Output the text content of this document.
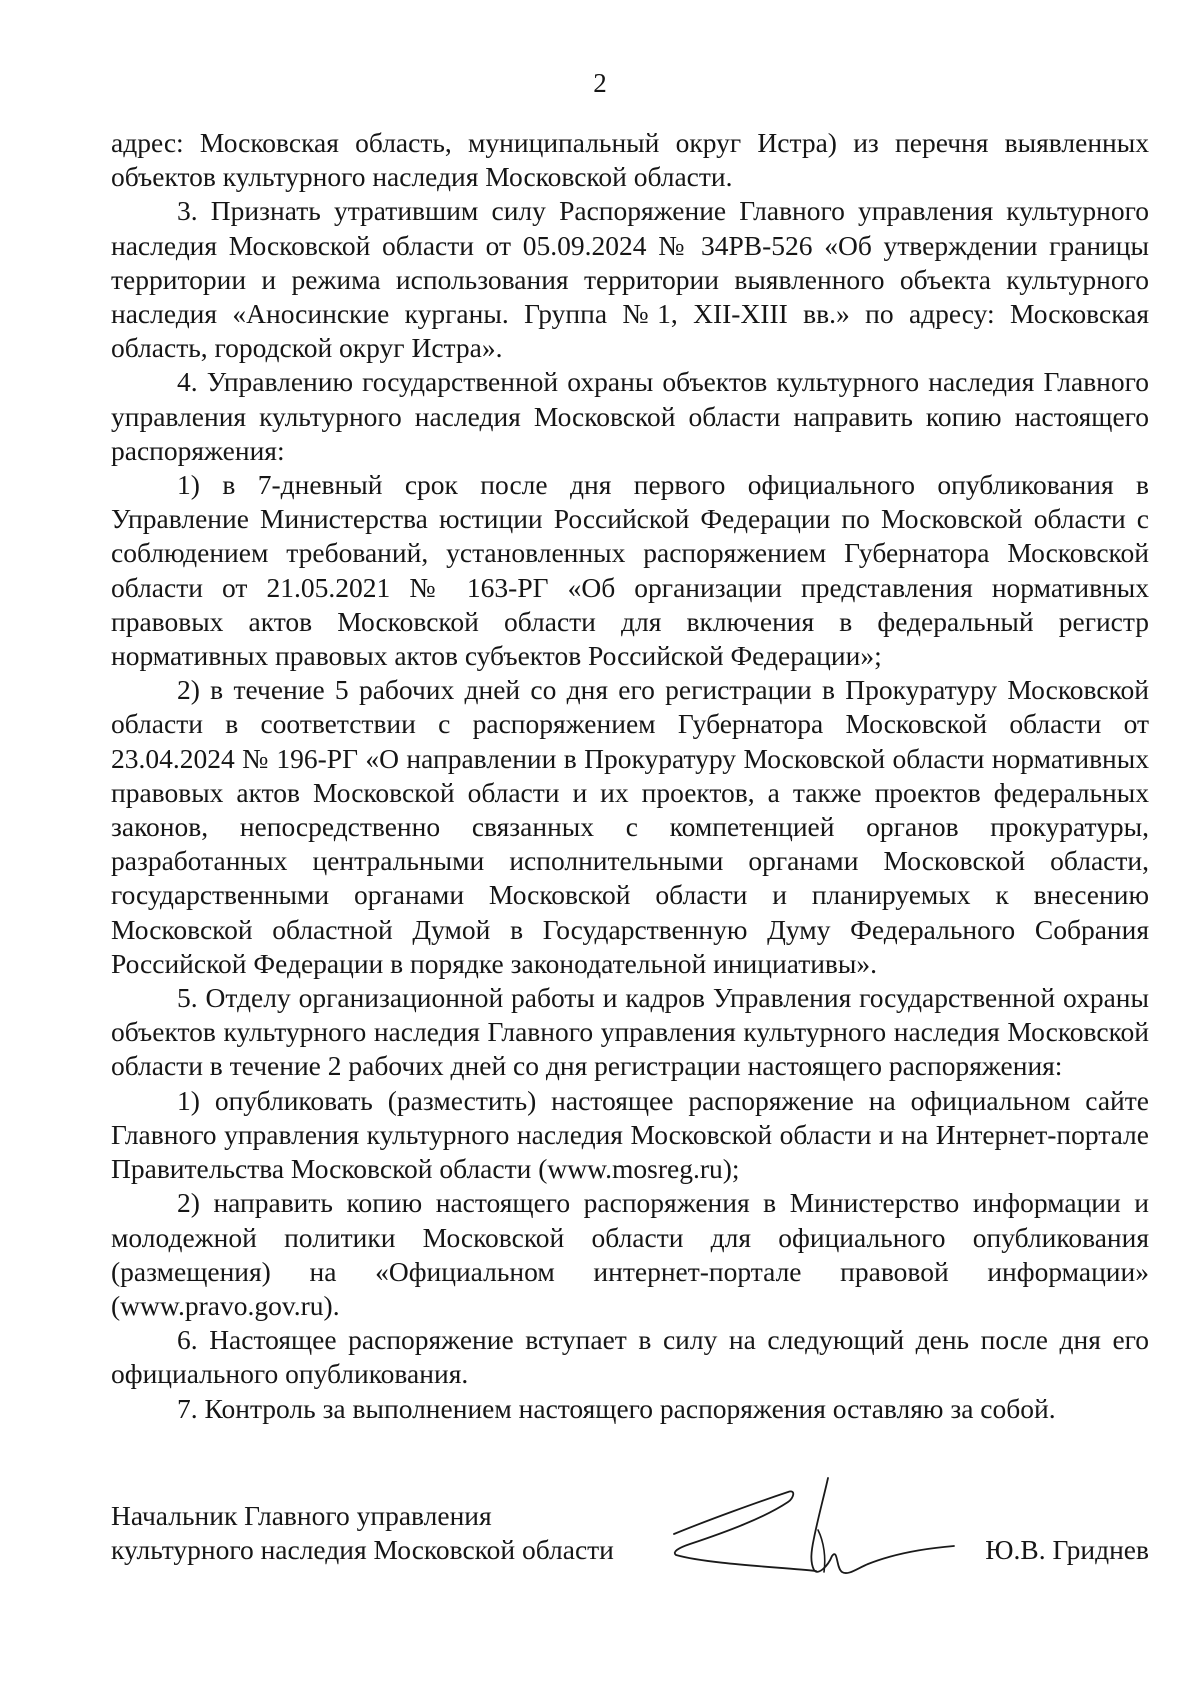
2

адрес: Московская область, муниципальный округ Истра) из перечня выявленных объектов культурного наследия Московской области.

3. Признать утратившим силу Распоряжение Главного управления культурного наследия Московской области от 05.09.2024 № 34РВ-526 «Об утверждении границы территории и режима использования территории выявленного объекта культурного наследия «Аносинские курганы. Группа №1, XII-XIII вв.» по адресу: Московская область, городской округ Истра».

4. Управлению государственной охраны объектов культурного наследия Главного управления культурного наследия Московской области направить копию настоящего распоряжения:

1) в 7-дневный срок после дня первого официального опубликования в Управление Министерства юстиции Российской Федерации по Московской области с соблюдением требований, установленных распоряжением Губернатора Московской области от 21.05.2021 № 163-РГ «Об организации представления нормативных правовых актов Московской области для включения в федеральный регистр нормативных правовых актов субъектов Российской Федерации»;

2) в течение 5 рабочих дней со дня его регистрации в Прокуратуру Московской области в соответствии с распоряжением Губернатора Московской области от 23.04.2024 № 196-РГ «О направлении в Прокуратуру Московской области нормативных правовых актов Московской области и их проектов, а также проектов федеральных законов, непосредственно связанных с компетенцией органов прокуратуры, разработанных центральными исполнительными органами Московской области, государственными органами Московской области и планируемых к внесению Московской областной Думой в Государственную Думу Федерального Собрания Российской Федерации в порядке законодательной инициативы».

5. Отделу организационной работы и кадров Управления государственной охраны объектов культурного наследия Главного управления культурного наследия Московской области в течение 2 рабочих дней со дня регистрации настоящего распоряжения:

1) опубликовать (разместить) настоящее распоряжение на официальном сайте Главного управления культурного наследия Московской области и на Интернет-портале Правительства Московской области (www.mosreg.ru);

2) направить копию настоящего распоряжения в Министерство информации и молодежной политики Московской области для официального опубликования (размещения) на «Официальном интернет-портале правовой информации» (www.pravo.gov.ru).

6. Настоящее распоряжение вступает в силу на следующий день после дня его официального опубликования.

7. Контроль за выполнением настоящего распоряжения оставляю за собой.

Начальник Главного управления
культурного наследия Московской области	Ю.В. Гриднев
